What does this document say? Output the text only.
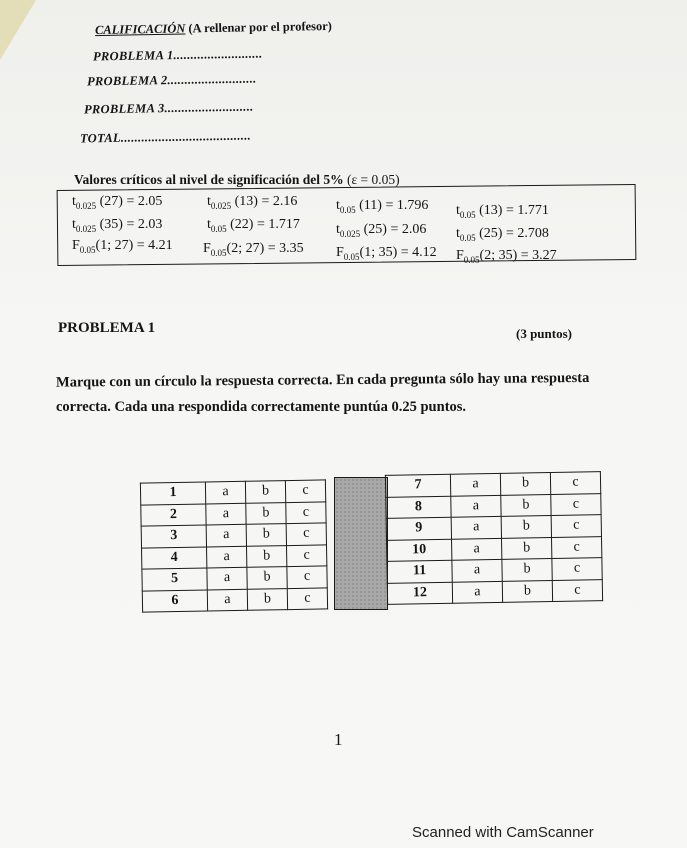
CALIFICACIÓN (A rellenar por el profesor)
PROBLEMA 1..........................
PROBLEMA 2..........................
PROBLEMA 3..........................
TOTAL......................................
Valores críticos al nivel de significación del 5% (ε = 0.05)
$t_{0.025}$ (27) = 2.05	$t_{0.025}$ (13) = 2.16	$t_{0.05}$ (11) = 1.796 $t_{0.05}$ (13) = 1.771
$t_{0.025}$ (35) = 2.03	$t_{0.05}$ (22) = 1.717	$t_{0.025}$ (25) = 2.06 $t_{0.05}$ (25) = 2.708
$F_{0.05}(1$; 27) = 4.21 $F_{0.05}(2$; 27) = 3.35 $F_{0.05}(1$; 35) = 4.12 $F_{0.05}(2$; 35) = 3.27
PROBLEMA 1	(3 puntos)
Marque con un círculo la respuesta correcta. En cada pregunta sólo hay una respuesta
correcta. Cada una respondida correctamente puntúa 0.25 puntos.
1	a	b	c
2	a	b	c
3	a	b	c
4	a	b	c
5	a	b	c
6	a	b	c
7	a	b	c
8	a	b	c
9	a	b	c
10	a	b	c
11	a	b	c
12	a	b	c
1
Scanned with CamScanner
